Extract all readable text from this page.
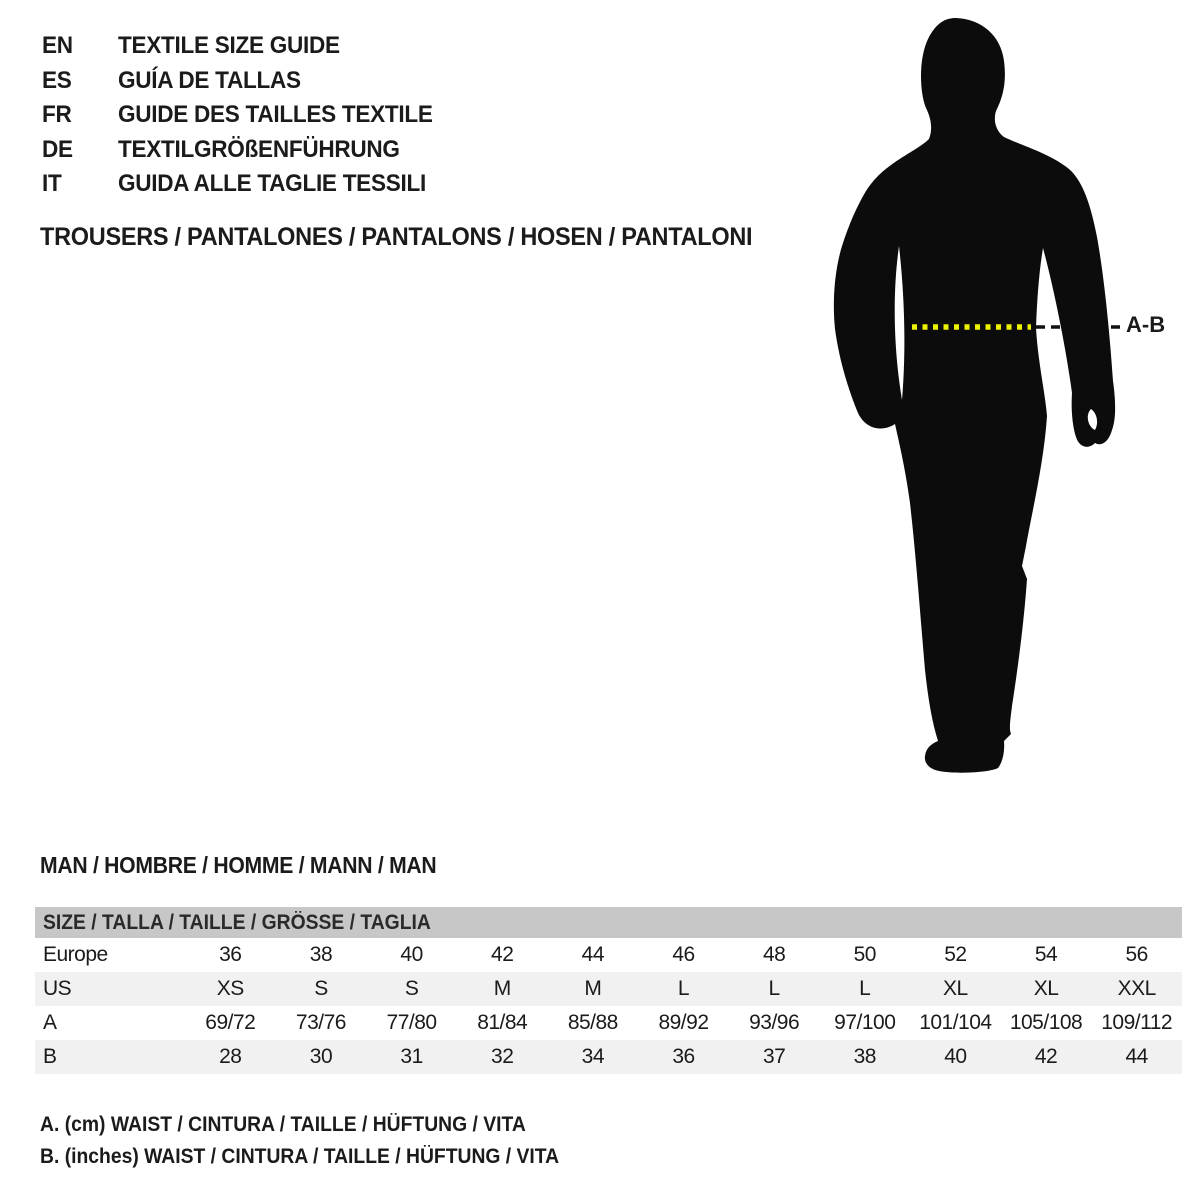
EN	TEXTILE SIZE GUIDE
ES	GUÍA DE TALLAS
FR	GUIDE DES TAILLES TEXTILE
DE	TEXTILGRÖßENFÜHRUNG
IT	GUIDA ALLE TAGLIE TESSILI
TROUSERS / PANTALONES / PANTALONS / HOSEN / PANTALONI
A-B
MAN / HOMBRE / HOMME / MANN / MAN
SIZE / TALLA / TAILLE / GRÖSSE / TAGLIA
Europe	36	38	40	42	44	46	48	50	52	54	56
US	XS	S	S	M	M	L	L	L	XL	XL	XXL
A	69/72	73/76	77/80	81/84	85/88	89/92	93/96	97/100	101/104 105/108 109/112
B	28	30	31	32	34	36	37	38	40	42	44
A. (cm) WAIST / CINTURA / TAILLE / HÜFTUNG / VITA
B. (inches) WAIST / CINTURA / TAILLE / HÜFTUNG / VITA
